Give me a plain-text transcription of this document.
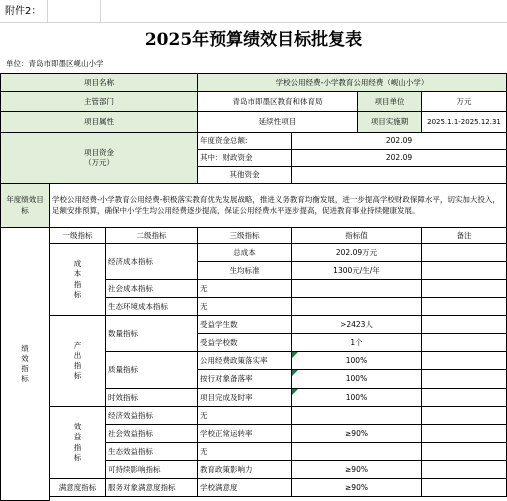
附件2：
2025年预算绩效目标批复表
单位：青岛市即墨区岘山小学
项目名称	学校公用经费-小学教育公用经费（岘山小学）
主管部门	青岛市即墨区教育和体育局	项目单位	万元
项目属性	延续性项目	项目实施期	2025.1.1-2025.12.31
项目资金
（万元）
年度资金总额:	202.09
其中：财政资金	202.09
其他资金
年度绩效目标
学校公用经费-小学教育公用经费-积极落实教育优先发展战略，推进义务教育均衡发展，进一步提高学校财政保障水平，切实加大投入，足额安排预算，确保中小学生均公用经费逐步提高，保证公用经费水平逐步提高，促进教育事业持续健康发展。
绩
效
指
标
一级指标	二级指标	三级指标	指标值	备注
成
本
指
标
经济成本指标
总成本	202.09万元
生均标准	1300元/生/年
社会成本指标	无
生态环境成本指标	无
产
出
指
标
数量指标
受益学生数	>2423人
受益学校数	1个
质量指标
公用经费政策落实率	100%
按行对象备落率	100%
时效指标	项目完成及时率	100%
效
益
指
标
经济效益指标	无
社会效益指标	学校正常运转率	≥90%
生态效益指标	无
可持续影响指标	教育政策影响力	≥90%
满意度指标	服务对象满意度指标	学校满意度	≥90%
